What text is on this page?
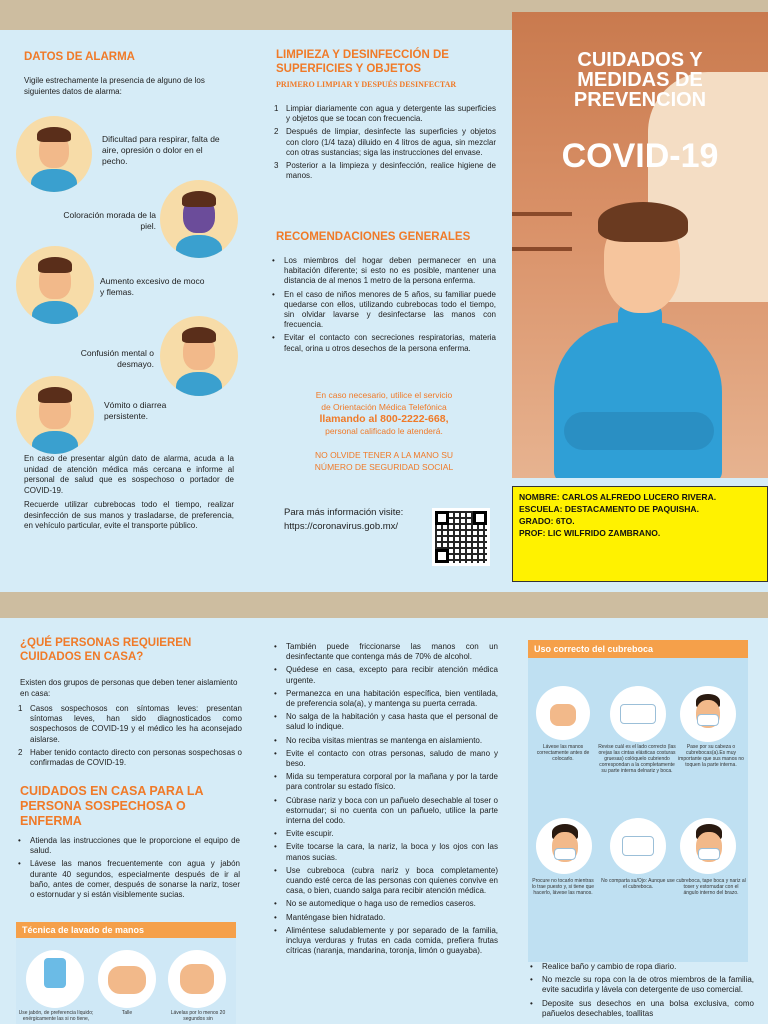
DATOS DE ALARMA
Vigile estrechamente la presencia de alguno de los siguientes datos de alarma:
Dificultad para respirar, falta de aire, opresión o dolor en el pecho.
Coloración morada de la piel.
Aumento excesivo de moco y flemas.
Confusión mental o desmayo.
Vómito o diarrea persistente.
En caso de presentar algún dato de alarma, acuda a la unidad de atención médica más cercana e informe al personal de salud que es sospechoso o portador de COVID-19.
Recuerde utilizar cubrebocas todo el tiempo, realizar desinfección de sus manos y trasladarse, de preferencia, en vehículo particular, evite el transporte público.
LIMPIEZA Y DESINFECCIÓN DE SUPERFICIES Y OBJETOS
PRIMERO LIMPIAR Y DESPUÉS DESINFECTAR
1 Limpiar diariamente con agua y detergente las superficies y objetos que se tocan con frecuencia.
2 Después de limpiar, desinfecte las superficies y objetos con cloro (1/4 taza) diluido en 4 litros de agua, sin mezclar con otras sustancias; siga las instrucciones del envase.
3 Posterior a la limpieza y desinfección, realice higiene de manos.
RECOMENDACIONES GENERALES
• Los miembros del hogar deben permanecer en una habitación diferente; si esto no es posible, mantener una distancia de al menos 1 metro de la persona enferma.
• En el caso de niños menores de 5 años, su familiar puede quedarse con ellos, utilizando cubrebocas todo el tiempo, sin olvidar lavarse y desinfectarse las manos con frecuencia.
• Evitar el contacto con secreciones respiratorias, materia fecal, orina u otros desechos de la persona enferma.
En caso necesario, utilice el servicio
de Orientación Médica Telefónica
llamando al 800-2222-668,
personal calificado le atenderá.
NO OLVIDE TENER A LA MANO SU
NÚMERO DE SEGURIDAD SOCIAL
Para más información visite:
https://coronavirus.gob.mx/
CUIDADOS Y
MEDIDAS DE
PREVENCION
COVID-19
NOMBRE: CARLOS ALFREDO LUCERO RIVERA.
ESCUELA: DESTACAMENTO DE PAQUISHA.
GRADO: 6TO.
PROF: LIC WILFRIDO ZAMBRANO.
¿QUÉ PERSONAS REQUIEREN CUIDADOS EN CASA?
Existen dos grupos de personas que deben tener aislamiento en casa:
1 Casos sospechosos con síntomas leves: presentan síntomas leves, han sido diagnosticados como sospechosos de COVID-19 y el médico les ha aconsejado aislarse.
2 Haber tenido contacto directo con personas sospechosas o confirmadas de COVID-19.
CUIDADOS EN CASA PARA LA PERSONA SOSPECHOSA O ENFERMA
• Atienda las instrucciones que le proporcione el equipo de salud.
• Lávese las manos frecuentemente con agua y jabón durante 40 segundos, especialmente después de ir al baño, antes de comer, después de sonarse la nariz, toser o estornudar y si están visiblemente sucias.
Técnica de lavado de manos
Use jabón, de preferencia líquido; enérgicamente las si no tiene,
Talle	Lávelas por lo menos 20 segundos sin
• También puede friccionarse las manos con un desinfectante que contenga más de 70% de alcohol.
• Quédese en casa, excepto para recibir atención médica urgente.
• Permanezca en una habitación específica, bien ventilada, de preferencia sola(a), y mantenga su puerta cerrada.
• No salga de la habitación y casa hasta que el personal de salud lo indique.
• No reciba visitas mientras se mantenga en aislamiento.
• Evite el contacto con otras personas, saludo de mano y beso.
• Mida su temperatura corporal por la mañana y por la tarde para controlar su estado físico.
• Cúbrase nariz y boca con un pañuelo desechable al toser o estornudar; si no cuenta con un pañuelo, utilice la parte interna del codo.
• Evite escupir.
• Evite tocarse la cara, la nariz, la boca y los ojos con las manos sucias.
• Use cubreboca (cubra nariz y boca completamente) cuando esté cerca de las personas con quienes convive en casa, o bien, cuando salga para recibir atención médica.
• No se automedique o haga uso de remedios caseros.
• Manténgase bien hidratado.
• Aliméntese saludablemente y por separado de la familia, incluya verduras y frutas en cada comida, prefiera frutas cítricas (naranja, mandarina, toronja, limón o guayaba).
Uso correcto del cubreboca
Lávese las manos correctamente antes de colocarlo.
Revise cuál es el lado correcto (las orejas las cintas elásticas costuras gruesas) colóquelo cubriendo correspondan a la completamente su parte interna delnariz y boca.
Pase por su cabeza o cubrebocas(a).Es muy importante que sus manos no toquen la parte interna.
Procure no tocarlo mientras lo trae puesto y, si tiene que hacerlo, lávese las manos.
No comparta su/Ojo: Aunque use el cubreboca.
cubreboca, tape boca y nariz al toser y estornudar con el ángulo interno del brazo.
• Realice baño y cambio de ropa diario.
• No mezcle su ropa con la de otros miembros de la familia, evite sacudirla y lávela con detergente de uso comercial.
• Deposite sus desechos en una bolsa exclusiva, como pañuelos desechables, toallitas
